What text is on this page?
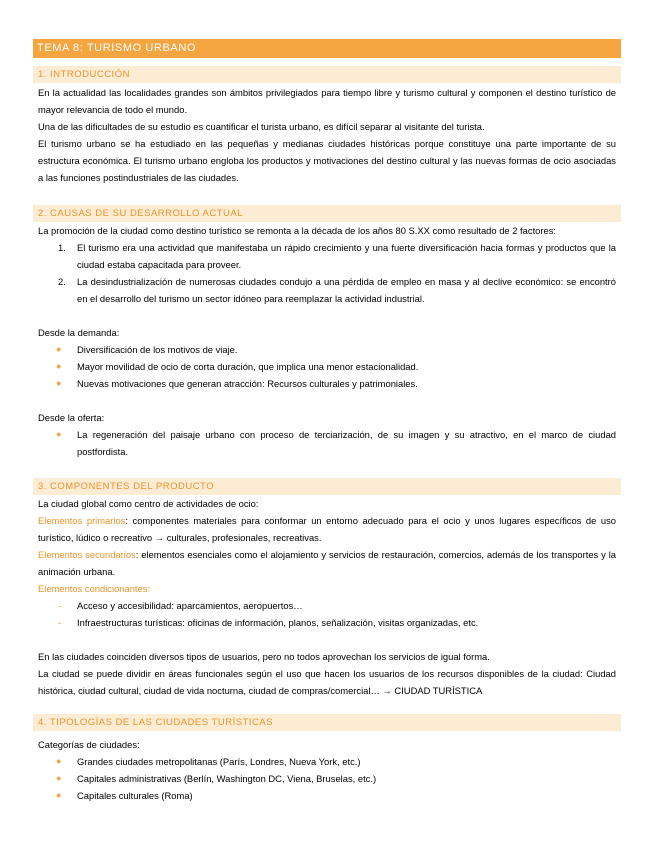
TEMA 8: TURISMO URBANO
1. INTRODUCCIÓN

En la actualidad las localidades grandes son ámbitos privilegiados para tiempo libre y turismo cultural y componen el destino turístico de mayor relevancia de todo el mundo.

Una de las dificultades de su estudio es cuantificar el turista urbano, es difícil separar al visitante del turista.

El turismo urbano se ha estudiado en las pequeñas y medianas ciudades históricas porque constituye una parte importante de su estructura económica. El turismo urbano engloba los productos y motivaciones del destino cultural y las nuevas formas de ocio asociadas a las funciones postindustriales de las ciudades.

2. CAUSAS DE SU DESARROLLO ACTUAL

La promoción de la ciudad como destino turístico se remonta a la década de los años 80 S.XX como resultado de 2 factores:

1. El turismo era una actividad que manifestaba un rápido crecimiento y una fuerte diversificación hacia formas y productos que la ciudad estaba capacitada para proveer.
2. La desindustrialización de numerosas ciudades condujo a una pérdida de empleo en masa y al declive económico: se encontró en el desarrollo del turismo un sector idóneo para reemplazar la actividad industrial.

Desde la demanda:

● Diversificación de los motivos de viaje.
● Mayor movilidad de ocio de corta duración, que implica una menor estacionalidad.
● Nuevas motivaciones que generan atracción: Recursos culturales y patrimoniales.

Desde la oferta:

● La regeneración del paisaje urbano con proceso de terciarización, de su imagen y su atractivo, en el marco de ciudad postfordista.
3. COMPONENTES DEL PRODUCTO

La ciudad global como centro de actividades de ocio:

Elementos primarios: componentes materiales para conformar un entorno adecuado para el ocio y unos lugares específicos de uso turístico, lúdico o recreativo → culturales, profesionales, recreativas.

Elementos secundarios: elementos esenciales como el alojamiento y servicios de restauración, comercios, además de los transportes y la animación urbana.

Elementos condicionantes:

- Acceso y accesibilidad: aparcamientos, aeropuertos…
- Infraestructuras turísticas: oficinas de información, planos, señalización, visitas organizadas, etc.

En las ciudades coinciden diversos tipos de usuarios, pero no todos aprovechan los servicios de igual forma.

La ciudad se puede dividir en áreas funcionales según el uso que hacen los usuarios de los recursos disponibles de la ciudad: Ciudad histórica, ciudad cultural, ciudad de vida nocturna, ciudad de compras/comercial… → CIUDAD TURÍSTICA

4. TIPOLOGÍAS DE LAS CIUDADES TURÍSTICAS

Categorías de ciudades:

● Grandes ciudades metropolitanas (París, Londres, Nueva York, etc.)
● Capitales administrativas (Berlín, Washington DC, Viena, Bruselas, etc.)
● Capitales culturales (Roma)
